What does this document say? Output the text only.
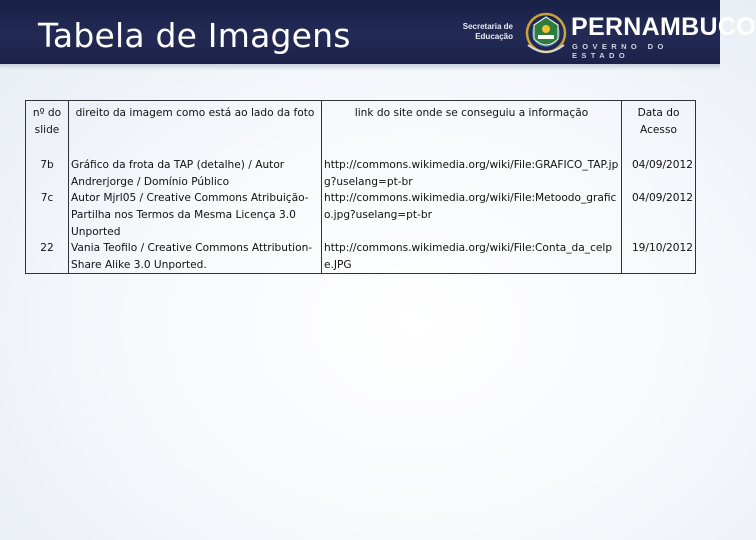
Tabela de Imagens	Secretaria de
Educação PERNAMBUCO
GOVERNO DO ESTADO
nº do slide	direito da imagem como está ao lado da foto	link do site onde se conseguiu a informação	Data do Acesso
7b	Gráfico da frota da TAP (detalhe) / Autor Andrerjorge / Domínio Público	http://commons.wikimedia.org/wiki/File:GRAFICO_TAP.jpg?uselang=pt-br	04/09/2012
7c	Autor Mjrl05 / Creative Commons Atribuição-Partilha nos Termos da Mesma Licença 3.0 Unported	http://commons.wikimedia.org/wiki/File:Metoodo_grafico.jpg?uselang=pt-br	04/09/2012
22	Vania Teofilo / Creative Commons Attribution-Share Alike 3.0 Unported.	http://commons.wikimedia.org/wiki/File:Conta_da_celpe.JPG	19/10/2012
